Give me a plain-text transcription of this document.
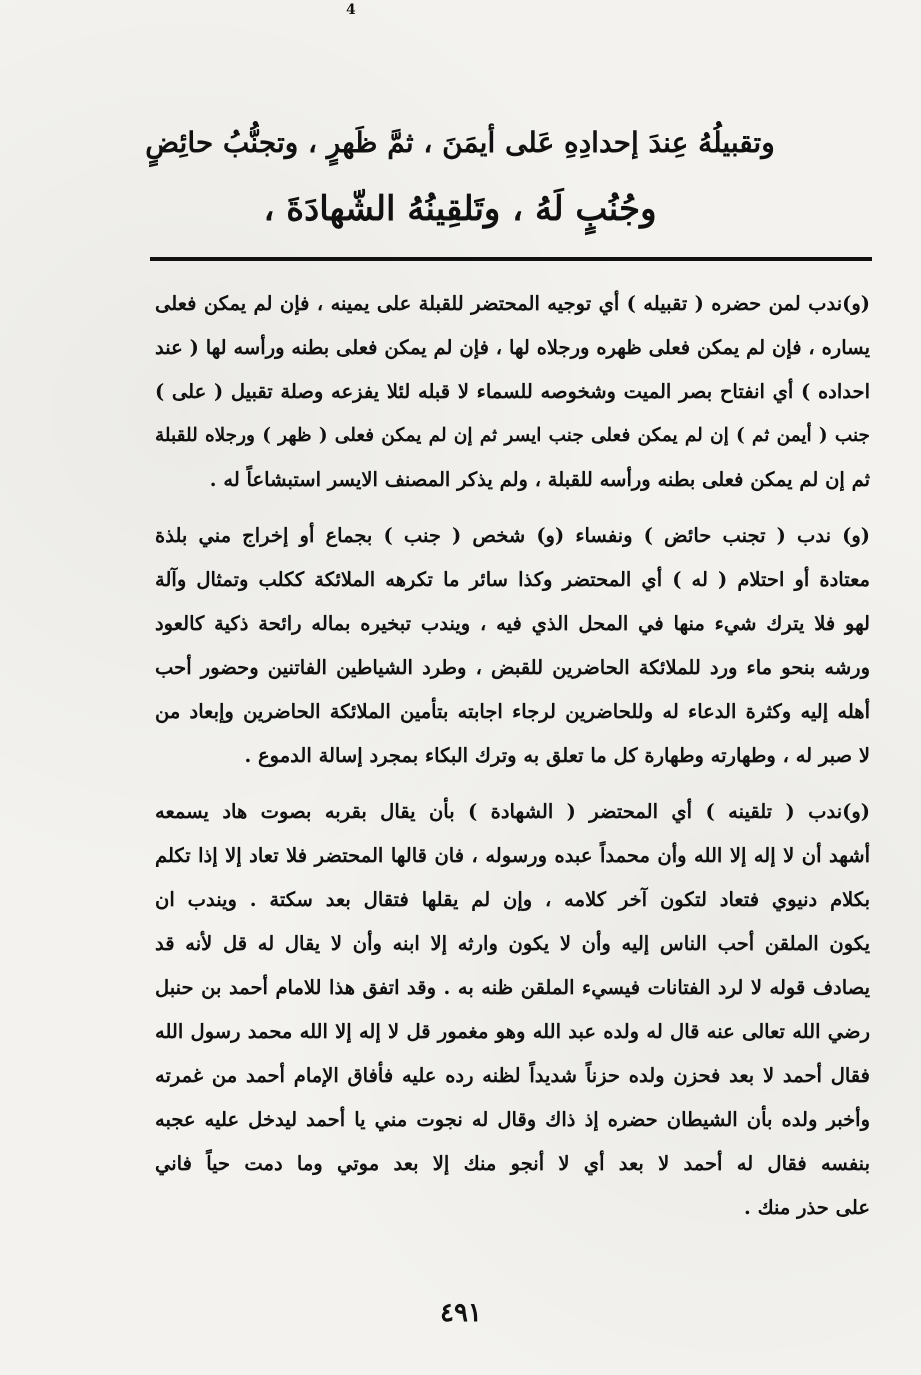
4
وتقبيلُهُ عِندَ إحدادِهِ عَلى أيمَنَ ، ثمَّ ظَهرٍ ، وتجنُّبُ حائِضٍ
وجُنُبٍ لَهُ ، وتَلقِينُهُ الشّهادَةَ ،
(و)ندب لمن حضره ( تقبيله ) أي توجيه المحتضر للقبلة على يمينه ، فإن لم يمكن فعلى
يساره ، فإن لم يمكن فعلى ظهره ورجلاه لها ، فإن لم يمكن فعلى بطنه ورأسه لها ( عند
احداده ) أي انفتاح بصر الميت وشخوصه للسماء لا قبله لئلا يفزعه وصلة تقبيل ( على )
جنب ( أيمن ثم ) إن لم يمكن فعلى جنب ايسر ثم إن لم يمكن فعلى ( ظهر ) ورجلاه للقبلة
ثم إن لم يمكن فعلى بطنه ورأسه للقبلة ، ولم يذكر المصنف الايسر استبشاعاً له .
(و) ندب ( تجنب حائض ) ونفساء (و) شخص ( جنب ) بجماع أو إخراج مني بلذة
معتادة أو احتلام ( له ) أي المحتضر وكذا سائر ما تكرهه الملائكة ككلب وتمثال وآلة
لهو فلا يترك شيء منها في المحل الذي فيه ، ويندب تبخيره بماله رائحة ذكية كالعود
ورشه بنحو ماء ورد للملائكة الحاضرين للقبض ، وطرد الشياطين الفاتنين وحضور أحب
أهله إليه وكثرة الدعاء له وللحاضرين لرجاء اجابته بتأمين الملائكة الحاضرين وإبعاد من
لا صبر له ، وطهارته وطهارة كل ما تعلق به وترك البكاء بمجرد إسالة الدموع .
(و)ندب ( تلقينه ) أي المحتضر ( الشهادة ) بأن يقال بقربه بصوت هاد يسمعه
أشهد أن لا إله إلا الله وأن محمداً عبده ورسوله ، فان قالها المحتضر فلا تعاد إلا إذا تكلم
بكلام دنيوي فتعاد لتكون آخر كلامه ، وإن لم يقلها فتقال بعد سكتة . ويندب ان
يكون الملقن أحب الناس إليه وأن لا يكون وارثه إلا ابنه وأن لا يقال له قل لأنه قد
يصادف قوله لا لرد الفتانات فيسيء الملقن ظنه به . وقد اتفق هذا للامام أحمد بن حنبل
رضي الله تعالى عنه قال له ولده عبد الله وهو مغمور قل لا إله إلا الله محمد رسول الله
فقال أحمد لا بعد فحزن ولده حزناً شديداً لظنه رده عليه فأفاق الإمام أحمد من غمرته
وأخبر ولده بأن الشيطان حضره إذ ذاك وقال له نجوت مني يا أحمد ليدخل عليه عجبه
بنفسه فقال له أحمد لا بعد أي لا أنجو منك إلا بعد موتي وما دمت حياً فاني
على حذر منك .
٤٩١
